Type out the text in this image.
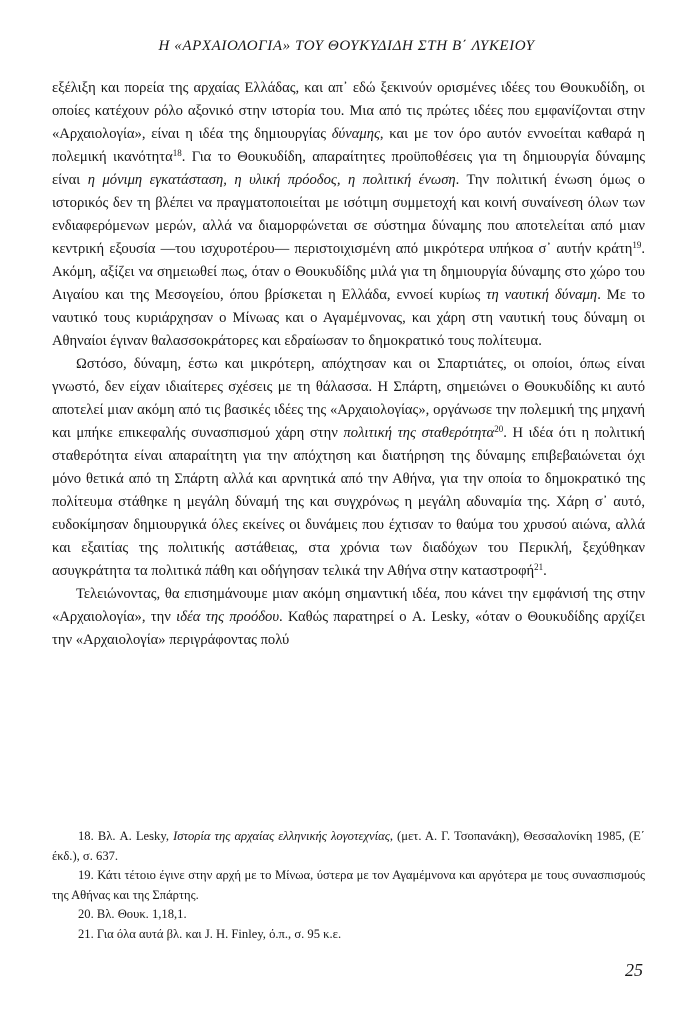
Η «ΑΡΧΑΙΟΛΟΓΙΑ» ΤΟΥ ΘΟΥΚΥΔΙΔΗ ΣΤΗ Β΄ ΛΥΚΕΙΟΥ

εξέλιξη και πορεία της αρχαίας Ελλάδας, και απ᾽ εδώ ξεκινούν ορισμένες ιδέες του Θουκυδίδη, οι οποίες κατέχουν ρόλο αξονικό στην ιστορία του. Μια από τις πρώτες ιδέες που εμφανίζονται στην «Αρχαιολογία», είναι η ιδέα της δημιουργίας δύναμης, και με τον όρο αυτόν εννοείται καθαρά η πολεμική ικανότητα$^{18}$. Για το Θουκυδίδη, απαραίτητες προϋποθέσεις για τη δημιουργία δύναμης είναι η μόνιμη εγκατάσταση, η υλική πρόοδος, η πολιτική ένωση. Την πολιτική ένωση όμως ο ιστορικός δεν τη βλέπει να πραγματοποιείται με ισότιμη συμμετοχή και κοινή συναίνεση όλων των ενδιαφερόμενων μερών, αλλά να διαμορφώνεται σε σύστημα δύναμης που αποτελείται από μιαν κεντρική εξουσία —του ισχυροτέρου— περιστοιχισμένη από μικρότερα υπήκοα σ᾽ αυτήν κράτη$^{19}$. Ακόμη, αξίζει να σημειωθεί πως, όταν ο Θουκυδίδης μιλά για τη δημιουργία δύναμης στο χώρο του Αιγαίου και της Μεσογείου, όπου βρίσκεται η Ελλάδα, εννοεί κυρίως τη ναυτική δύναμη. Με το ναυτικό τους κυριάρχησαν ο Μίνωας και ο Αγαμέμνονας, και χάρη στη ναυτική τους δύναμη οι Αθηναίοι έγιναν θαλασσοκράτορες και εδραίωσαν το δημοκρατικό τους πολίτευμα.

Ωστόσο, δύναμη, έστω και μικρότερη, απόχτησαν και οι Σπαρτιάτες, οι οποίοι, όπως είναι γνωστό, δεν είχαν ιδιαίτερες σχέσεις με τη θάλασσα. Η Σπάρτη, σημειώνει ο Θουκυδίδης κι αυτό αποτελεί μιαν ακόμη από τις βασικές ιδέες της «Αρχαιολογίας», οργάνωσε την πολεμική της μηχανή και μπήκε επικεφαλής συνασπισμού χάρη στην πολιτική της σταθερότητα$^{20}$. Η ιδέα ότι η πολιτική σταθερότητα είναι απαραίτητη για την απόχτηση και διατήρηση της δύναμης επιβεβαιώνεται όχι μόνο θετικά από τη Σπάρτη αλλά και αρνητικά από την Αθήνα, για την οποία το δημοκρατικό της πολίτευμα στάθηκε η μεγάλη δύναμή της και συγχρόνως η μεγάλη αδυναμία της. Χάρη σ᾽ αυτό, ευδοκίμησαν δημιουργικά όλες εκείνες οι δυνάμεις που έχτισαν το θαύμα του χρυσού αιώνα, αλλά και εξαιτίας της πολιτικής αστάθειας, στα χρόνια των διαδόχων του Περικλή, ξεχύθηκαν ασυγκράτητα τα πολιτικά πάθη και οδήγησαν τελικά την Αθήνα στην καταστροφή$^{21}$.

Τελειώνοντας, θα επισημάνουμε μιαν ακόμη σημαντική ιδέα, που κάνει την εμφάνισή της στην «Αρχαιολογία», την ιδέα της προόδου. Καθώς παρατηρεί ο A. Lesky, «όταν ο Θουκυδίδης αρχίζει την «Αρχαιολογία» περιγράφοντας πολύ

18. Βλ. A. Lesky, Ιστορία της αρχαίας ελληνικής λογοτεχνίας, (μετ. Α. Γ. Τσοπανάκη), Θεσσαλονίκη 1985, (Ε΄ έκδ.), σ. 637.

19. Κάτι τέτοιο έγινε στην αρχή με το Μίνωα, ύστερα με τον Αγαμέμνονα και αργότερα με τους συνασπισμούς της Αθήνας και της Σπάρτης.

20. Βλ. Θουκ. 1,18,1.

21. Για όλα αυτά βλ. και J. H. Finley, ό.π., σ. 95 κ.ε.

25
